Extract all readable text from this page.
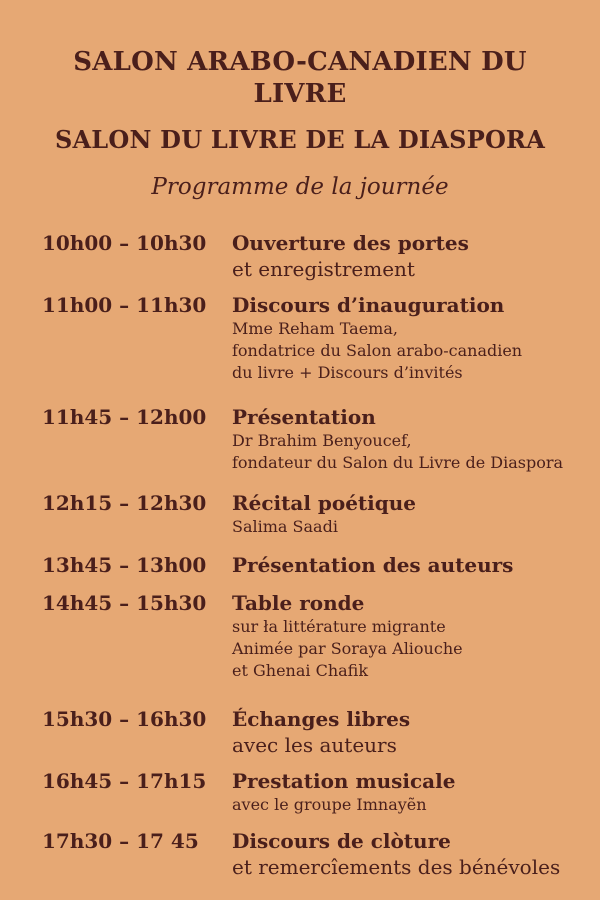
SALON ARABO-CANADIEN DU
LIVRE
SALON DU LIVRE DE LA DIASPORA
Programme de la journée
10h00 – 10h30 Ouverture des portes
et enregistrement
11h00 – 11h30 Discours d’inauguration
Mme Reham Taema,
fondatrice du Salon arabo-canadien
du livre + Discours d’invités
11h45 – 12h00 Présentation
Dr Brahim Benyoucef,
fondateur du Salon du Livre de Diaspora
12h15 – 12h30 Récital poétique
Salima Saadi
13h45 – 13h00 Présentation des auteurs
14h45 – 15h30 Table ronde
sur ła littérature migrante
Animée par Soraya Aliouche
et Ghenai Chafik
15h30 – 16h30 Échanges libres
avec les auteurs
16h45 – 17h15 Prestation musicale
avec le groupe Imnayẽn
17h30 – 17 45 Discours de clòture
et remercîements des bénévoles
